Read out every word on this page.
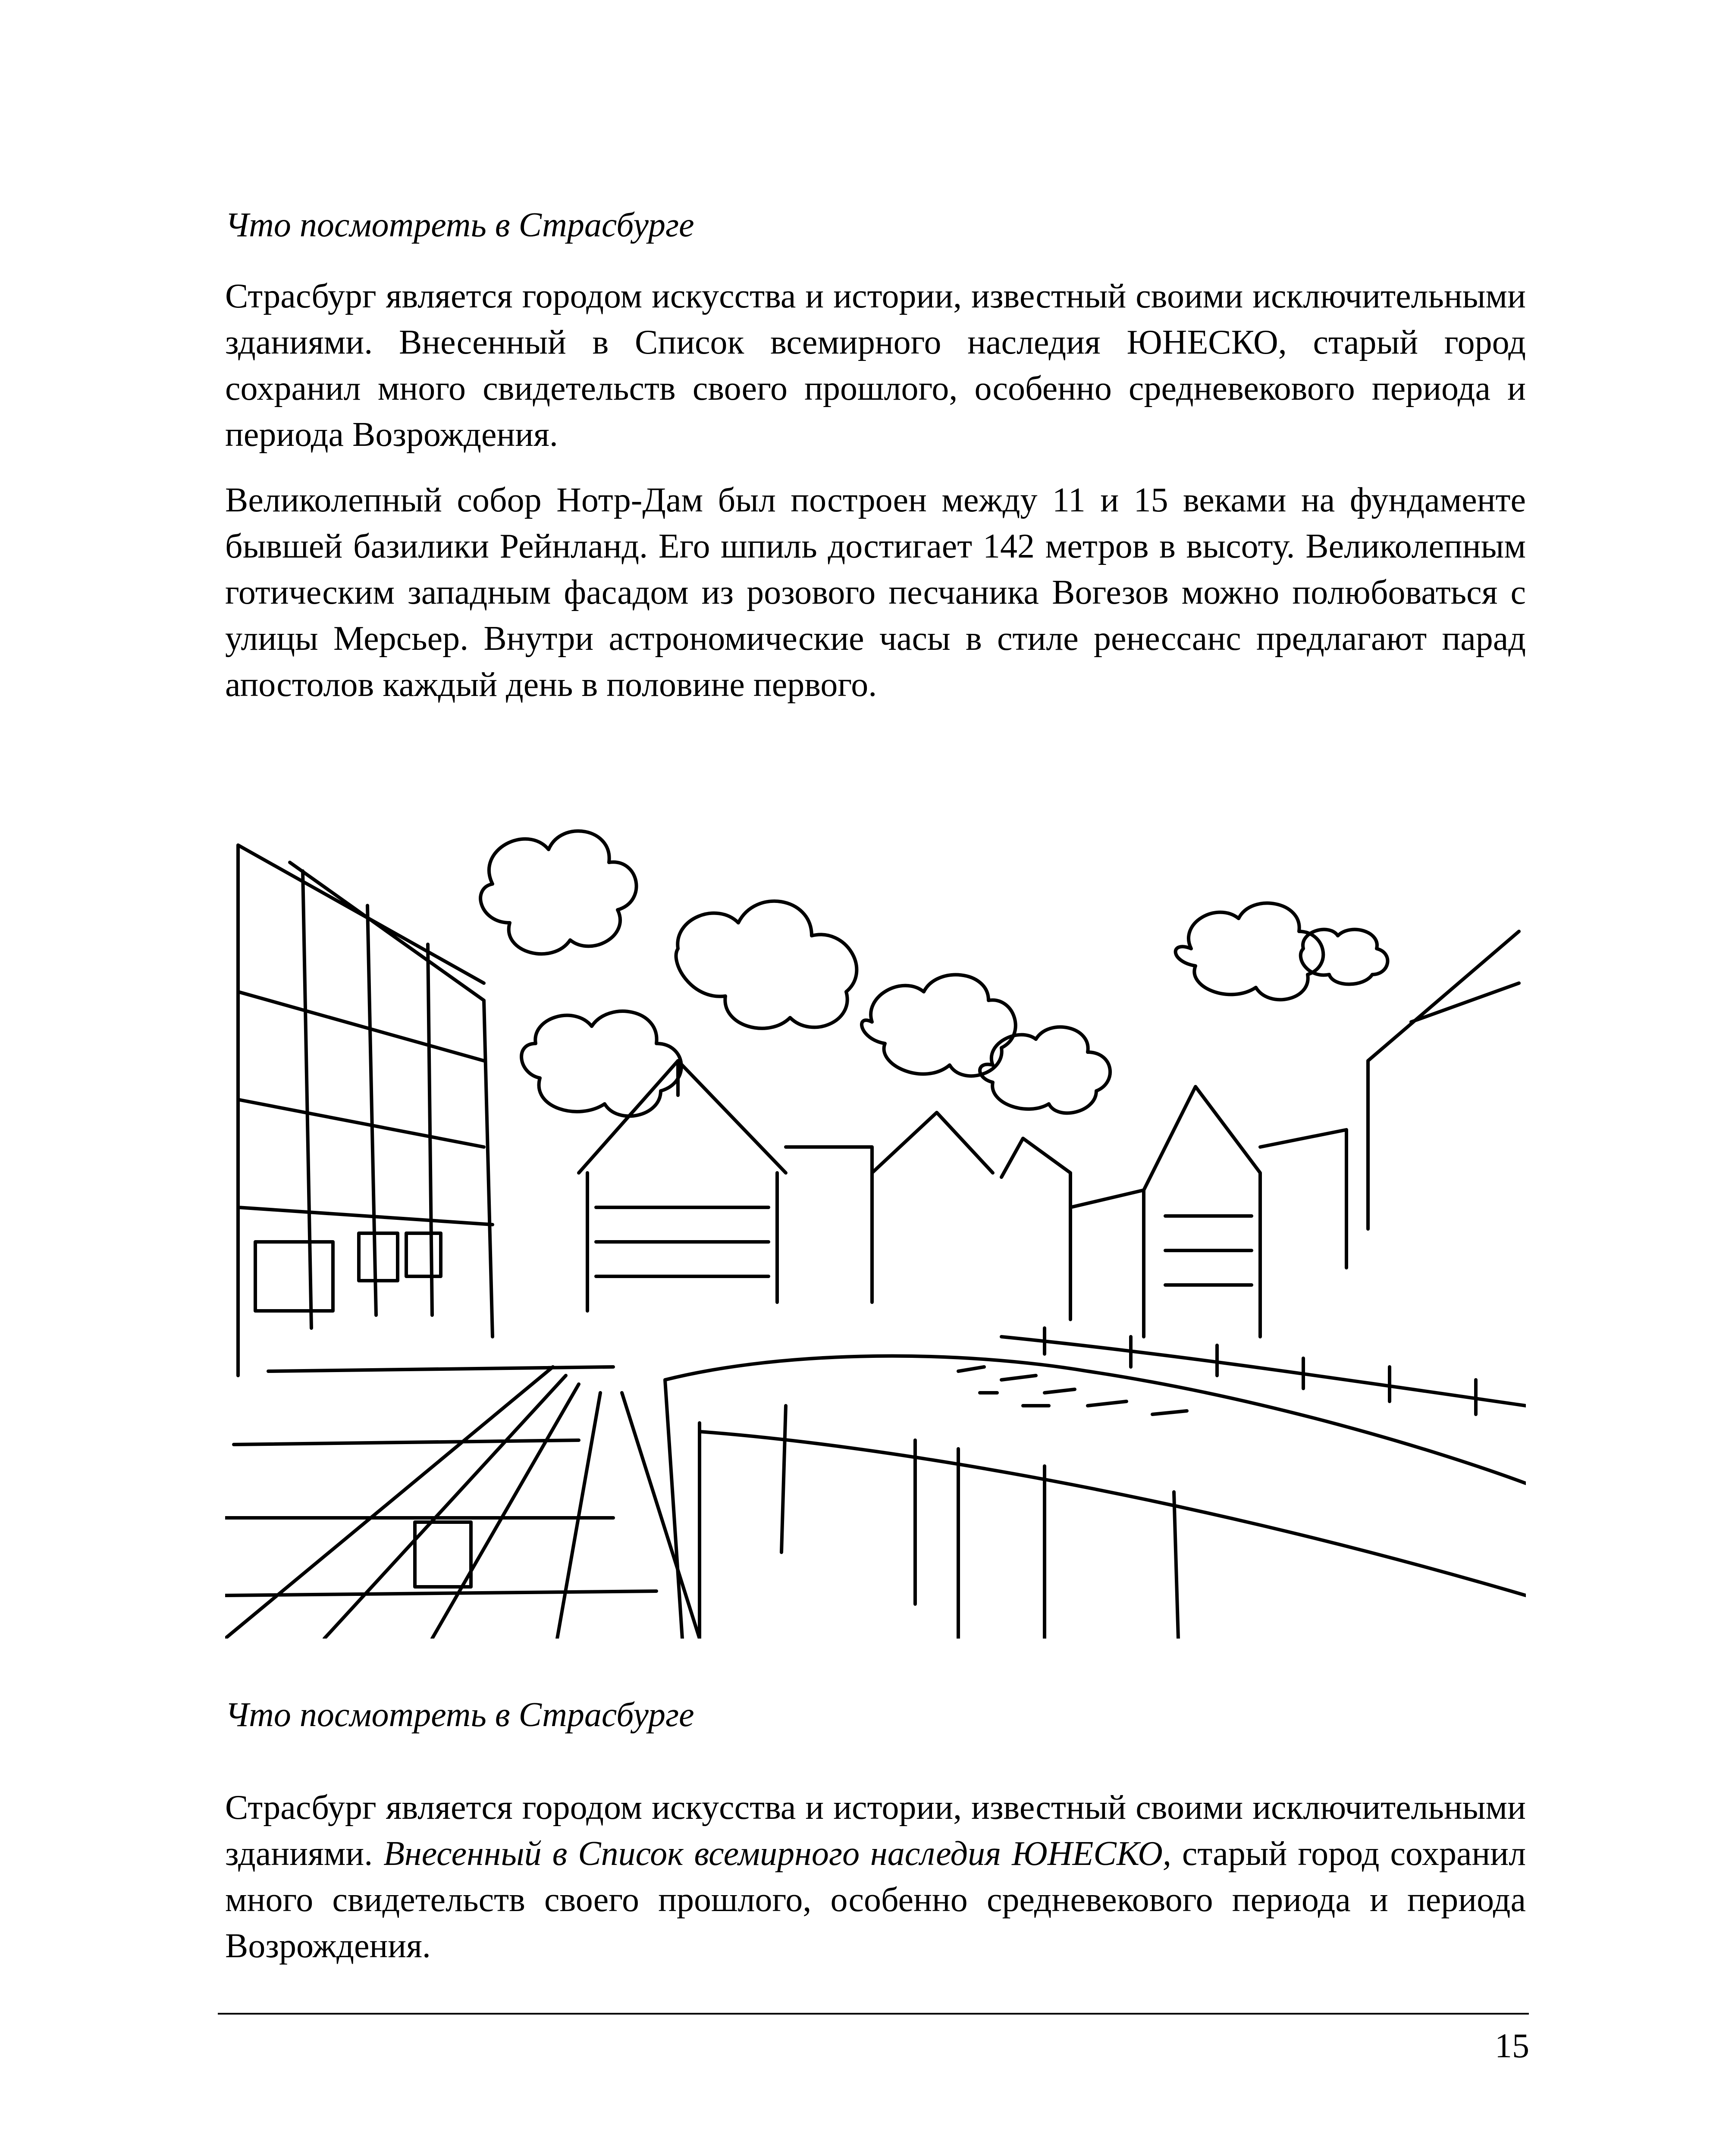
Что посмотреть в Страсбурге

Страсбург является городом искусства и истории, известный своими исключительными зданиями. Внесенный в Список всемирного наследия ЮНЕСКО, старый город сохранил много свидетельств своего прошлого, особенно средневекового периода и периода Возрождения.

Великолепный собор Нотр-Дам был построен между 11 и 15 веками на фундаменте бывшей базилики Рейнланд. Его шпиль достигает 142 метров в высоту. Великолепным готическим западным фасадом из розового песчаника Вогезов можно полюбоваться с улицы Мерсьер. Внутри астрономические часы в стиле ренессанс предлагают парад апостолов каждый день в половине первого.

Что посмотреть в Страсбурге

Страсбург является городом искусства и истории, известный своими исключительными зданиями. Внесенный в Список всемирного наследия ЮНЕСКО, старый город сохранил много свидетельств своего прошлого, особенно средневекового периода и периода Возрождения.

15
